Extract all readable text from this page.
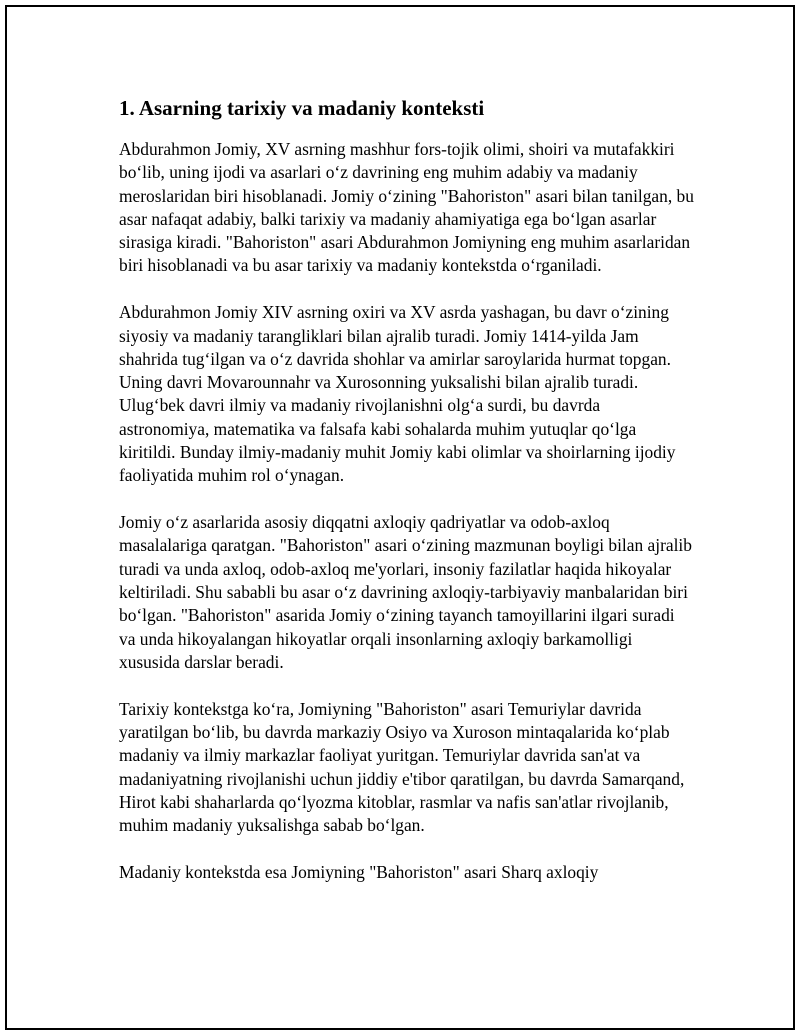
1. Asarning tarixiy va madaniy konteksti

Abdurahmon Jomiy, XV asrning mashhur fors-tojik olimi, shoiri va mutafakkiri bo‘lib, uning ijodi va asarlari o‘z davrining eng muhim adabiy va madaniy meroslaridan biri hisoblanadi. Jomiy o‘zining "Bahoriston" asari bilan tanilgan, bu asar nafaqat adabiy, balki tarixiy va madaniy ahamiyatiga ega bo‘lgan asarlar sirasiga kiradi. "Bahoriston" asari Abdurahmon Jomiyning eng muhim asarlaridan biri hisoblanadi va bu asar tarixiy va madaniy kontekstda o‘rganiladi.

Abdurahmon Jomiy XIV asrning oxiri va XV asrda yashagan, bu davr o‘zining siyosiy va madaniy tarangliklari bilan ajralib turadi. Jomiy 1414-yilda Jam shahrida tug‘ilgan va o‘z davrida shohlar va amirlar saroylarida hurmat topgan. Uning davri Movarounnahr va Xurosonning yuksalishi bilan ajralib turadi. Ulug‘bek davri ilmiy va madaniy rivojlanishni olg‘a surdi, bu davrda astronomiya, matematika va falsafa kabi sohalarda muhim yutuqlar qo‘lga kiritildi. Bunday ilmiy-madaniy muhit Jomiy kabi olimlar va shoirlarning ijodiy faoliyatida muhim rol o‘ynagan.

Jomiy o‘z asarlarida asosiy diqqatni axloqiy qadriyatlar va odob-axloq masalalariga qaratgan. "Bahoriston" asari o‘zining mazmunan boyligi bilan ajralib turadi va unda axloq, odob-axloq me'yorlari, insoniy fazilatlar haqida hikoyalar keltiriladi. Shu sababli bu asar o‘z davrining axloqiy-tarbiyaviy manbalaridan biri bo‘lgan. "Bahoriston" asarida Jomiy o‘zining tayanch tamoyillarini ilgari suradi va unda hikoyalangan hikoyatlar orqali insonlarning axloqiy barkamolligi xususida darslar beradi.

Tarixiy kontekstga ko‘ra, Jomiyning "Bahoriston" asari Temuriylar davrida yaratilgan bo‘lib, bu davrda markaziy Osiyo va Xuroson mintaqalarida ko‘plab madaniy va ilmiy markazlar faoliyat yuritgan. Temuriylar davrida san'at va madaniyatning rivojlanishi uchun jiddiy e'tibor qaratilgan, bu davrda Samarqand, Hirot kabi shaharlarda qo‘lyozma kitoblar, rasmlar va nafis san'atlar rivojlanib, muhim madaniy yuksalishga sabab bo‘lgan.

Madaniy kontekstda esa Jomiyning "Bahoriston" asari Sharq axloqiy
